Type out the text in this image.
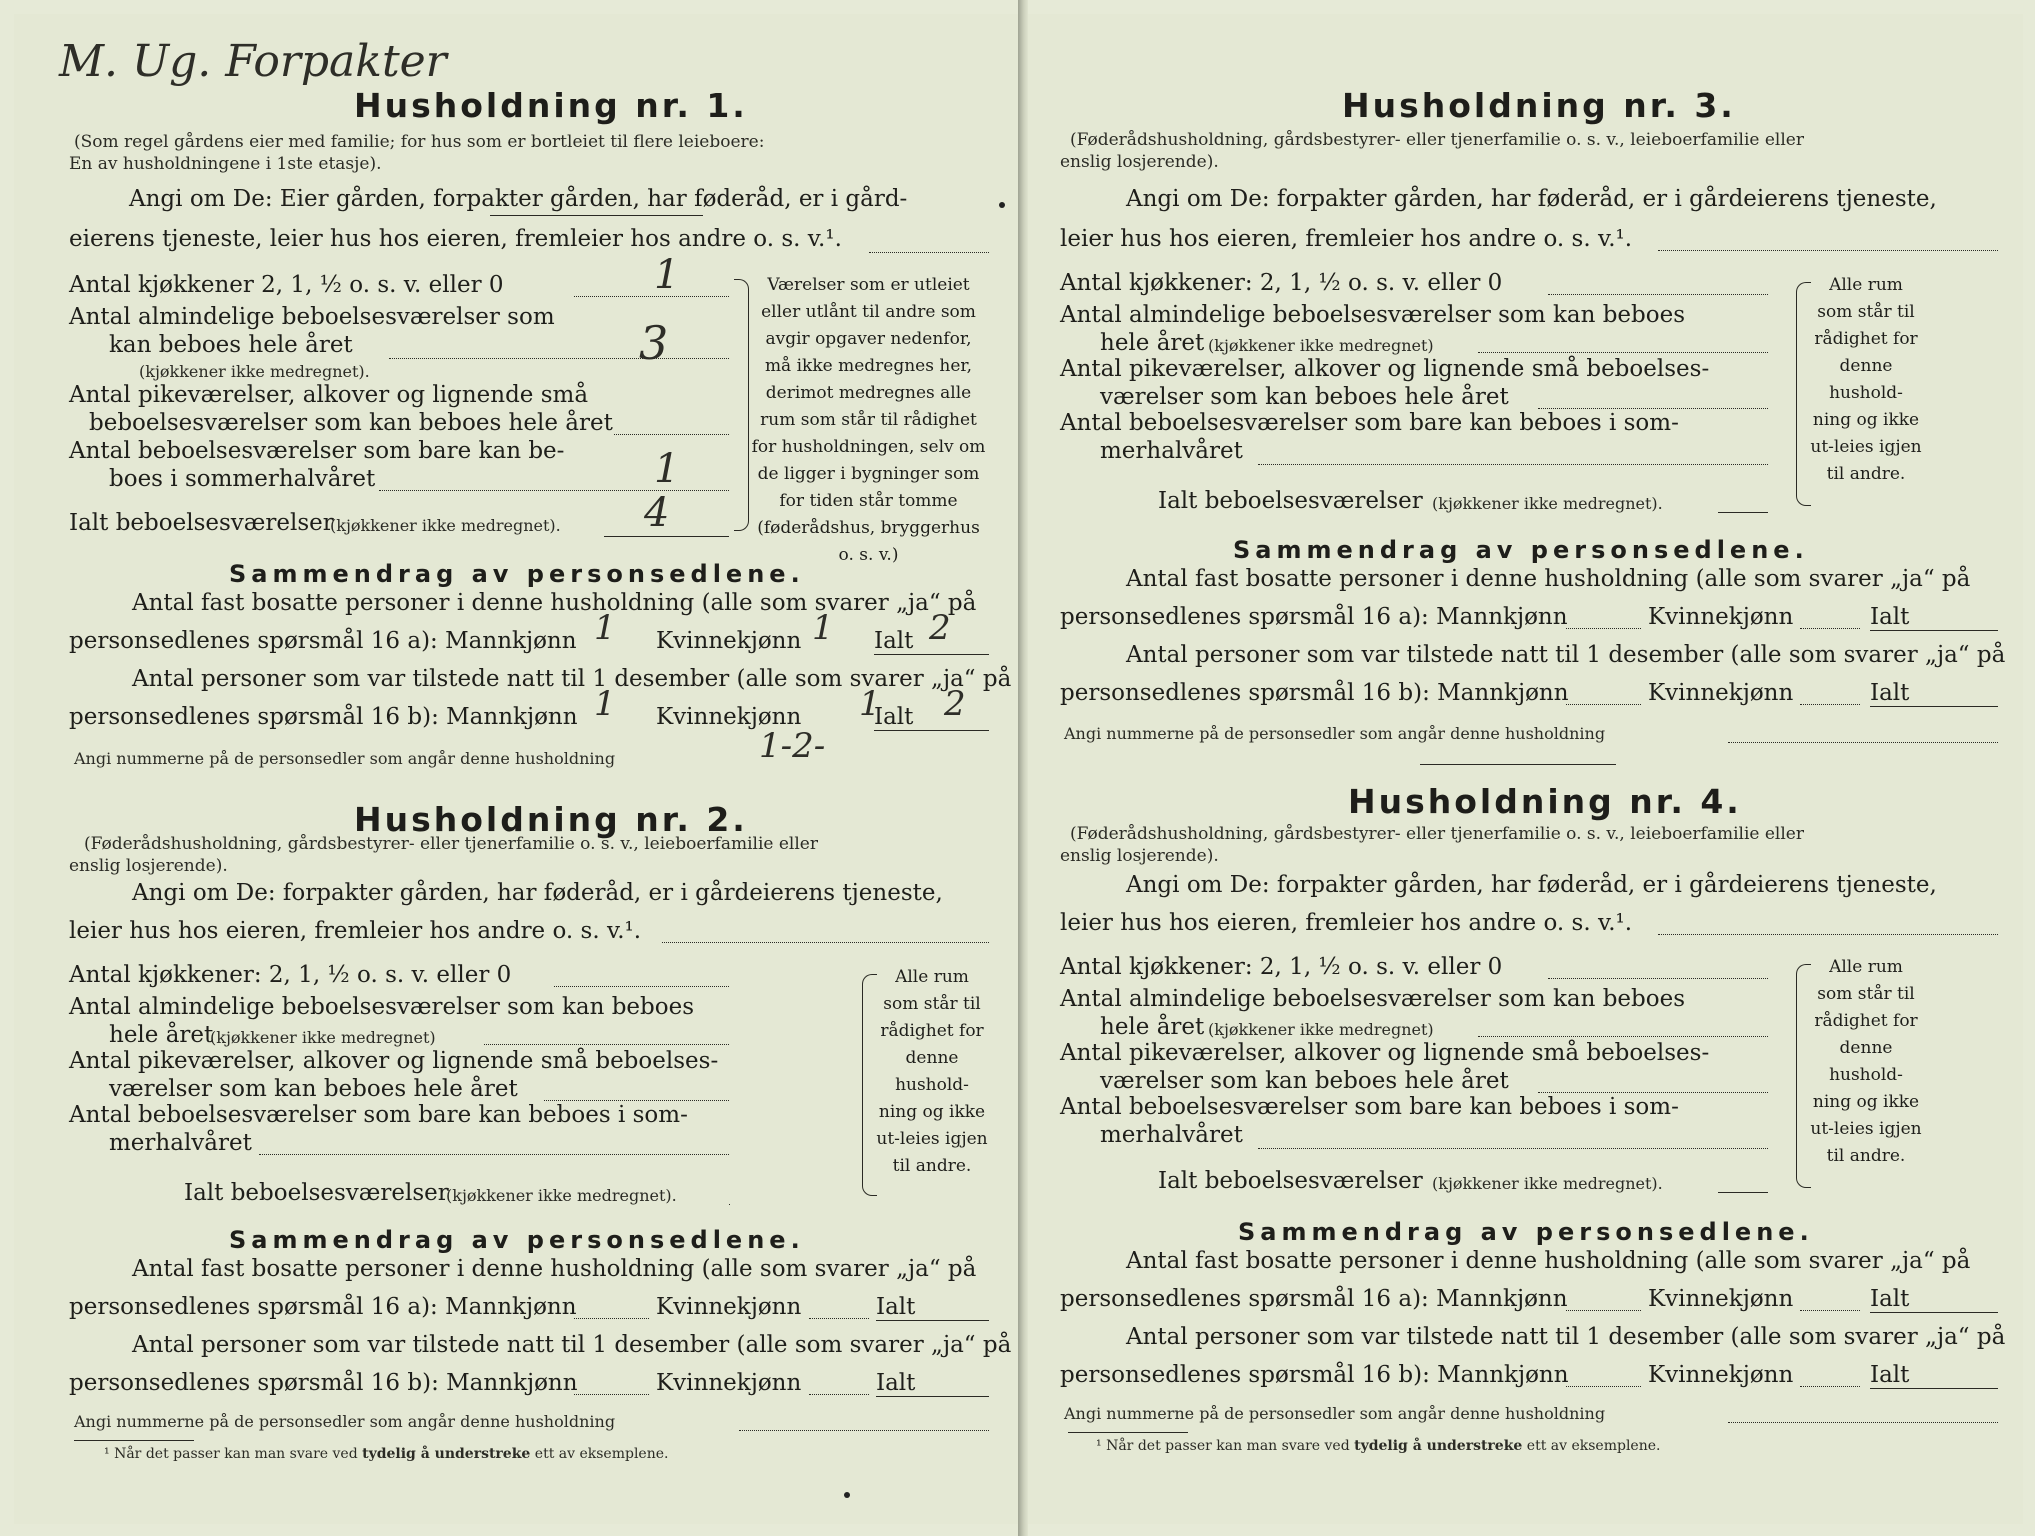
M. Ug. Forpakter
Husholdning nr. 1.
(Som regel gårdens eier med familie; for hus som er bortleiet til flere leieboere:
En av husholdningene i 1ste etasje).
Angi om De: Eier gården, forpakter gården, har føderåd, er i gård-
eierens tjeneste, leier hus hos eieren, fremleier hos andre o. s. v.¹.
Antal kjøkkener 2, 1, ½ o. s. v. eller 0	1
Antal almindelige beboelsesværelser som
kan beboes hele året	3
(kjøkkener ikke medregnet).
Antal pikeværelser, alkover og lignende små
beboelsesværelser som kan beboes hele året
Antal beboelsesværelser som bare kan be-
boes i sommerhalvåret	1
Ialt beboelsesværelser
(kjøkkener ikke medregnet). 4
Værelser som er utleiet eller utlånt til andre som avgir opgaver nedenfor, må ikke medregnes her, derimot medregnes alle rum som står til rådighet for husholdningen, selv om de ligger i bygninger som for tiden står tomme (føderådshus, bryggerhus o. s. v.)
Sammendrag av personsedlene.
Antal fast bosatte personer i denne husholdning (alle som svarer „ja“ på
personsedlenes spørsmål 16 a): Mannkjønn 1 Kvinnekjønn 1 Ialt 2
Antal personer som var tilstede natt til 1 desember (alle som svarer „ja“ på
personsedlenes spørsmål 16 b): Mannkjønn 1 Kvinnekjønn 1
Ialt 2
Angi nummerne på de personsedler som angår denne husholdning	1-2-
Husholdning nr. 2.
(Føderådshusholdning, gårdsbestyrer- eller tjenerfamilie o. s. v., leieboerfamilie eller
enslig losjerende).
Angi om De: forpakter gården, har føderåd, er i gårdeierens tjeneste,
leier hus hos eieren, fremleier hos andre o. s. v.¹.
Antal kjøkkener: 2, 1, ½ o. s. v. eller 0
Antal almindelige beboelsesværelser som kan beboes
hele året
(kjøkkener ikke medregnet)
Antal pikeværelser, alkover og lignende små beboelses-
værelser som kan beboes hele året
Antal beboelsesværelser som bare kan beboes i som-
merhalvåret
Ialt beboelsesværelser
(kjøkkener ikke medregnet).
Alle rum som står til rådighet for denne hushold-ning og ikke ut-leies igjen til andre.
Sammendrag av personsedlene.
Antal fast bosatte personer i denne husholdning (alle som svarer „ja“ på
personsedlenes spørsmål 16 a): Mannkjønn	Kvinnekjønn	Ialt
Antal personer som var tilstede natt til 1 desember (alle som svarer „ja“ på
personsedlenes spørsmål 16 b): Mannkjønn	Kvinnekjønn	Ialt
Angi nummerne på de personsedler som angår denne husholdning
¹ Når det passer kan man svare ved tydelig å understreke ett av eksemplene.
Husholdning nr. 3.
(Føderådshusholdning, gårdsbestyrer- eller tjenerfamilie o. s. v., leieboerfamilie eller
enslig losjerende).
Angi om De: forpakter gården, har føderåd, er i gårdeierens tjeneste,
leier hus hos eieren, fremleier hos andre o. s. v.¹.
Antal kjøkkener: 2, 1, ½ o. s. v. eller 0
Antal almindelige beboelsesværelser som kan beboes
hele året (kjøkkener ikke medregnet)
Antal pikeværelser, alkover og lignende små beboelses-
værelser som kan beboes hele året
Antal beboelsesværelser som bare kan beboes i som-
merhalvåret
Ialt beboelsesværelser (kjøkkener ikke medregnet).
Alle rum som står til rådighet for denne hushold-ning og ikke ut-leies igjen til andre.
Sammendrag av personsedlene.
Antal fast bosatte personer i denne husholdning (alle som svarer „ja“ på
personsedlenes spørsmål 16 a): Mannkjønn	Kvinnekjønn	Ialt
Antal personer som var tilstede natt til 1 desember (alle som svarer „ja“ på
personsedlenes spørsmål 16 b): Mannkjønn	Kvinnekjønn	Ialt
Angi nummerne på de personsedler som angår denne husholdning
Husholdning nr. 4.
(Føderådshusholdning, gårdsbestyrer- eller tjenerfamilie o. s. v., leieboerfamilie eller
enslig losjerende).
Angi om De: forpakter gården, har føderåd, er i gårdeierens tjeneste,
leier hus hos eieren, fremleier hos andre o. s. v.¹.
Antal kjøkkener: 2, 1, ½ o. s. v. eller 0
Antal almindelige beboelsesværelser som kan beboes
hele året (kjøkkener ikke medregnet)
Antal pikeværelser, alkover og lignende små beboelses-
værelser som kan beboes hele året
Antal beboelsesværelser som bare kan beboes i som-
merhalvåret
Ialt beboelsesværelser (kjøkkener ikke medregnet).
Alle rum som står til rådighet for denne hushold-ning og ikke ut-leies igjen til andre.
Sammendrag av personsedlene.
Antal fast bosatte personer i denne husholdning (alle som svarer „ja“ på
personsedlenes spørsmål 16 a): Mannkjønn	Kvinnekjønn	Ialt
Antal personer som var tilstede natt til 1 desember (alle som svarer „ja“ på
personsedlenes spørsmål 16 b): Mannkjønn	Kvinnekjønn	Ialt
Angi nummerne på de personsedler som angår denne husholdning
¹ Når det passer kan man svare ved tydelig å understreke ett av eksemplene.
